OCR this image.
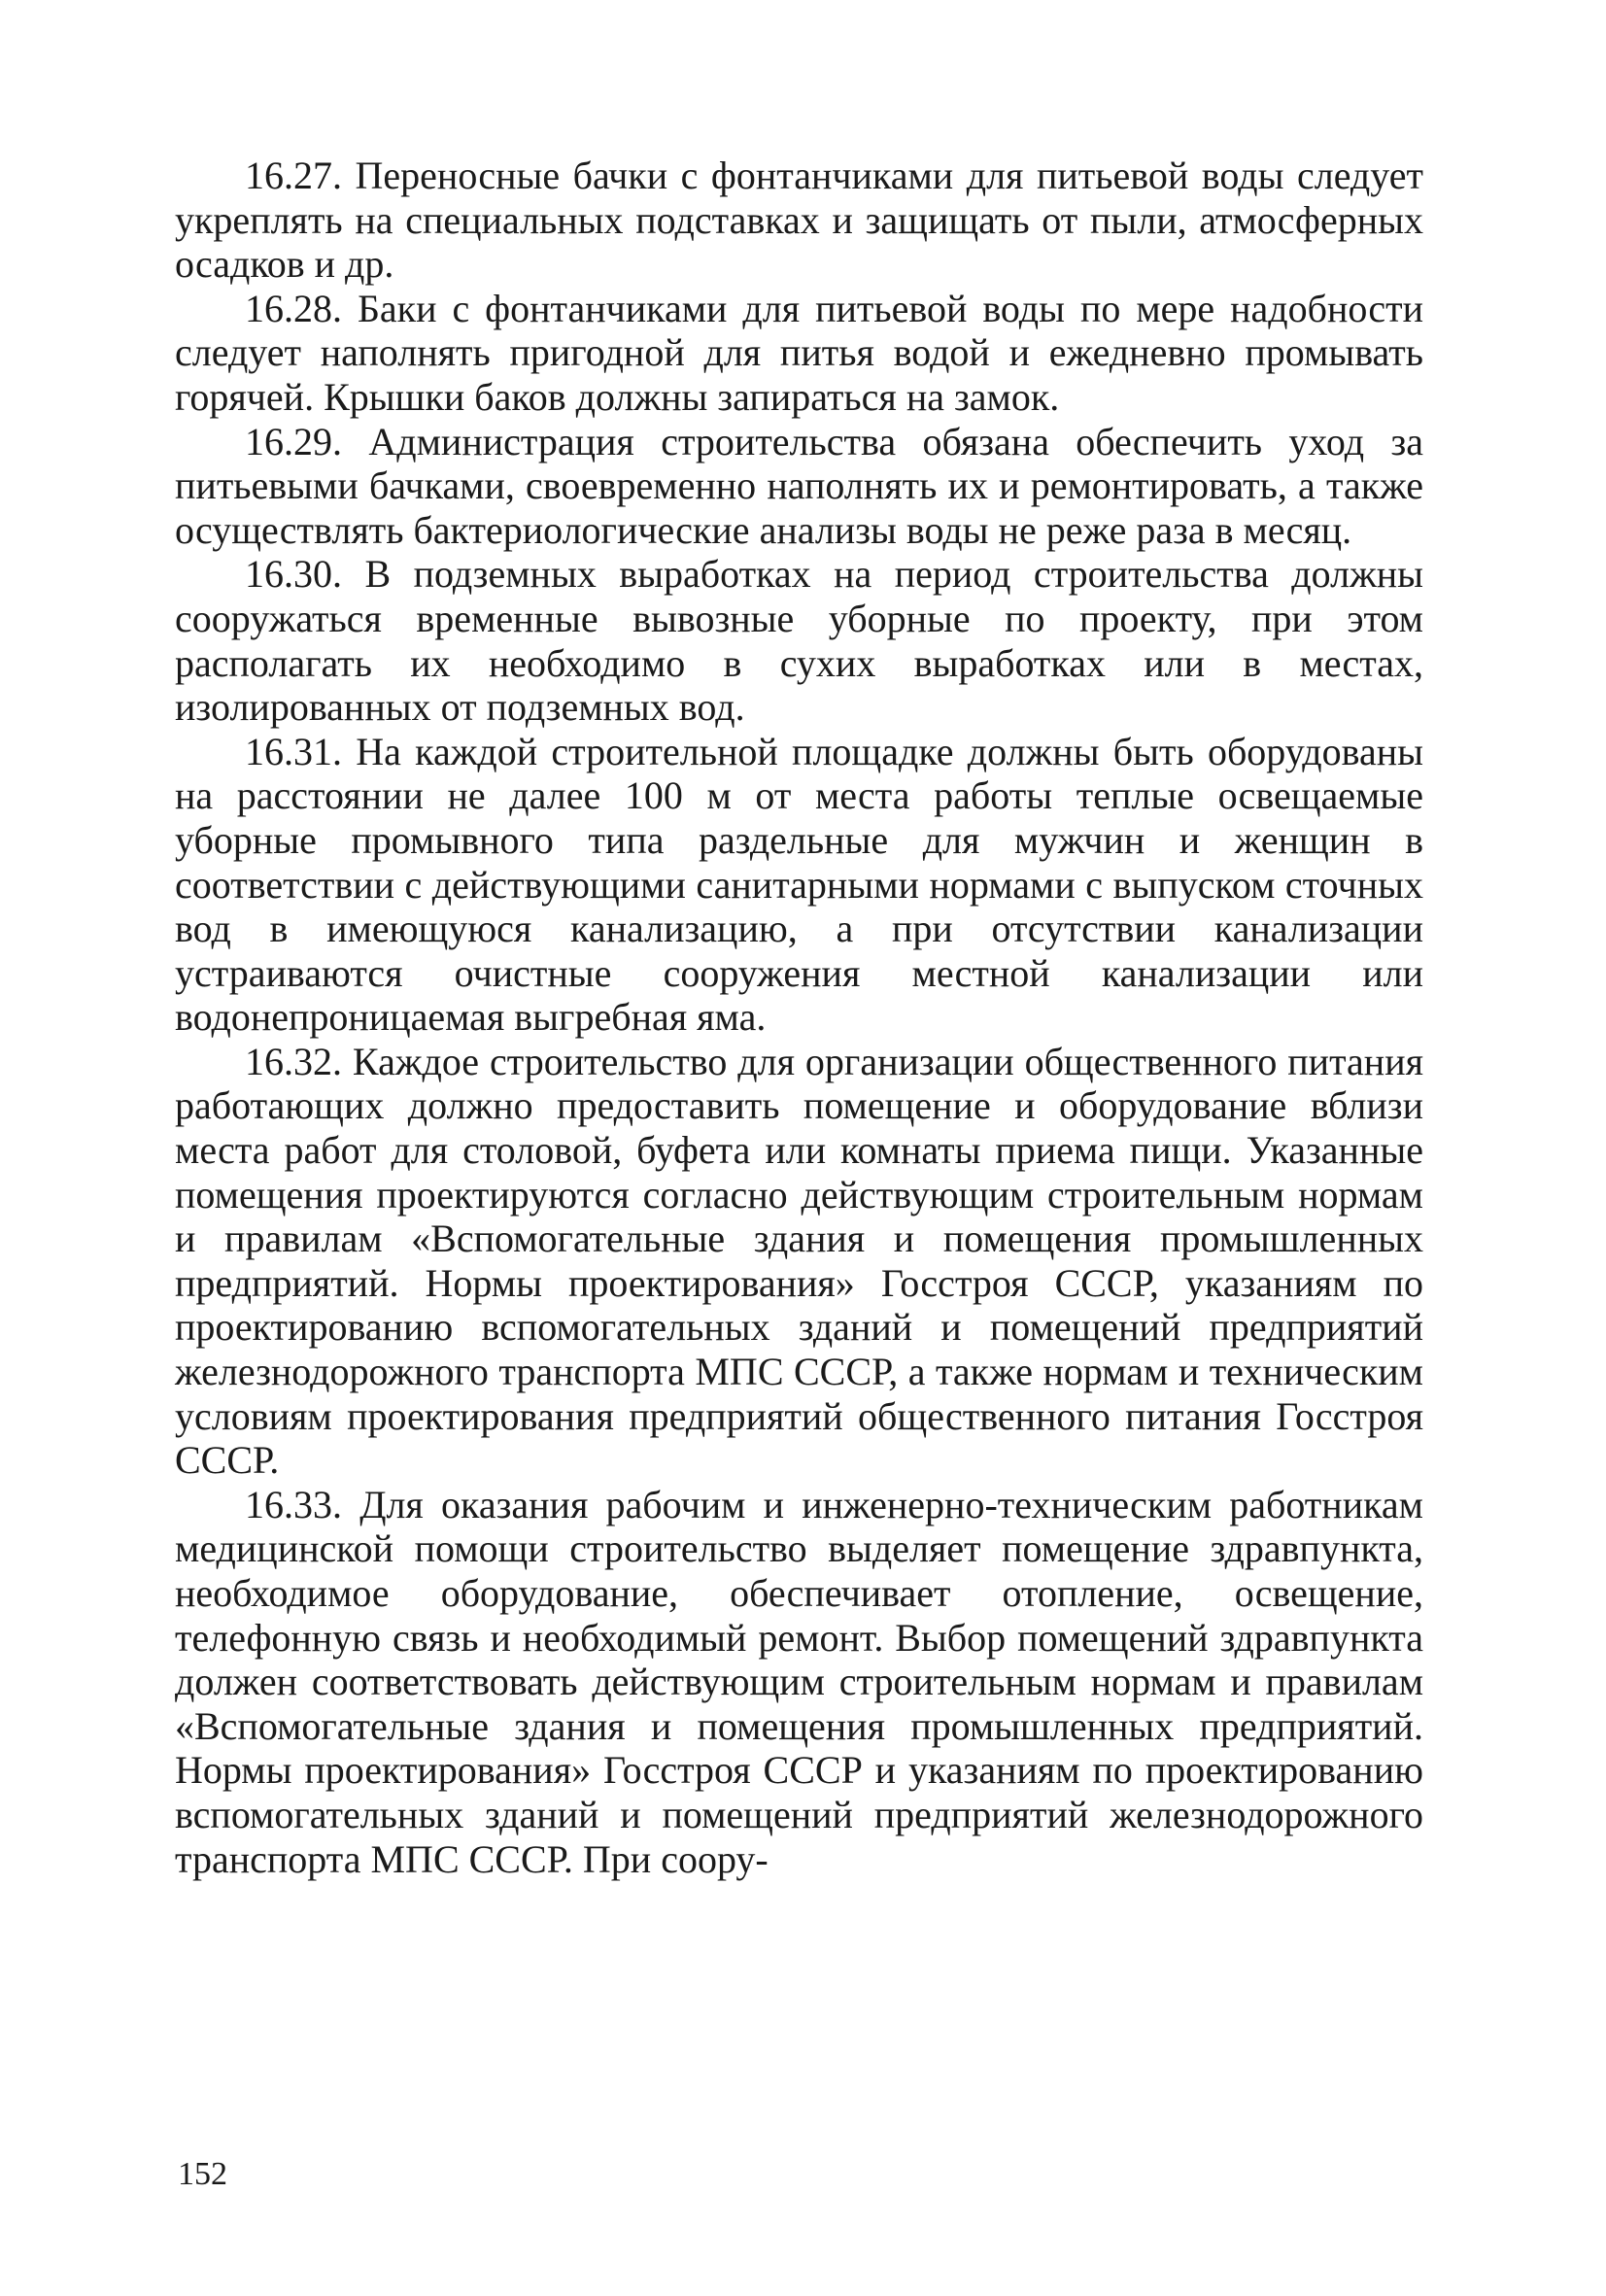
16.27. Переносные бачки с фонтанчиками для питьевой воды следует укреплять на специальных подставках и защищать от пыли, атмосферных осадков и др.

16.28. Баки с фонтанчиками для питьевой воды по мере надобности следует наполнять пригодной для питья водой и ежедневно промывать горячей. Крышки баков должны запираться на замок.

16.29. Администрация строительства обязана обеспечить уход за питьевыми бачками, своевременно наполнять их и ремонтировать, а также осуществлять бактериологические анализы воды не реже раза в месяц.

16.30. В подземных выработках на период строительства должны сооружаться временные вывозные уборные по проекту, при этом располагать их необходимо в сухих выработках или в местах, изолированных от подземных вод.

16.31. На каждой строительной площадке должны быть оборудованы на расстоянии не далее 100 м от места работы теплые освещаемые уборные промывного типа раздельные для мужчин и женщин в соответствии с действующими санитарными нормами с выпуском сточных вод в имеющуюся канализацию, а при отсутствии канализации устраиваются очистные сооружения местной канализации или водонепроницаемая выгребная яма.

16.32. Каждое строительство для организации общественного питания работающих должно предоставить помещение и оборудование вблизи места работ для столовой, буфета или комнаты приема пищи. Указанные помещения проектируются согласно действующим строительным нормам и правилам «Вспомогательные здания и помещения промышленных предприятий. Нормы проектирования» Госстроя СССР, указаниям по проектированию вспомогательных зданий и помещений предприятий железнодорожного транспорта МПС СССР, а также нормам и техническим условиям проектирования предприятий общественного питания Госстроя СССР.

16.33. Для оказания рабочим и инженерно-техническим работникам медицинской помощи строительство выделяет помещение здравпункта, необходимое оборудование, обеспечивает отопление, освещение, телефонную связь и необходимый ремонт. Выбор помещений здравпункта должен соответствовать действующим строительным нормам и правилам «Вспомогательные здания и помещения промышленных предприятий. Нормы проектирования» Госстроя СССР и указаниям по проектированию вспомогательных зданий и помещений предприятий железнодорожного транспорта МПС СССР. При соору-

152
